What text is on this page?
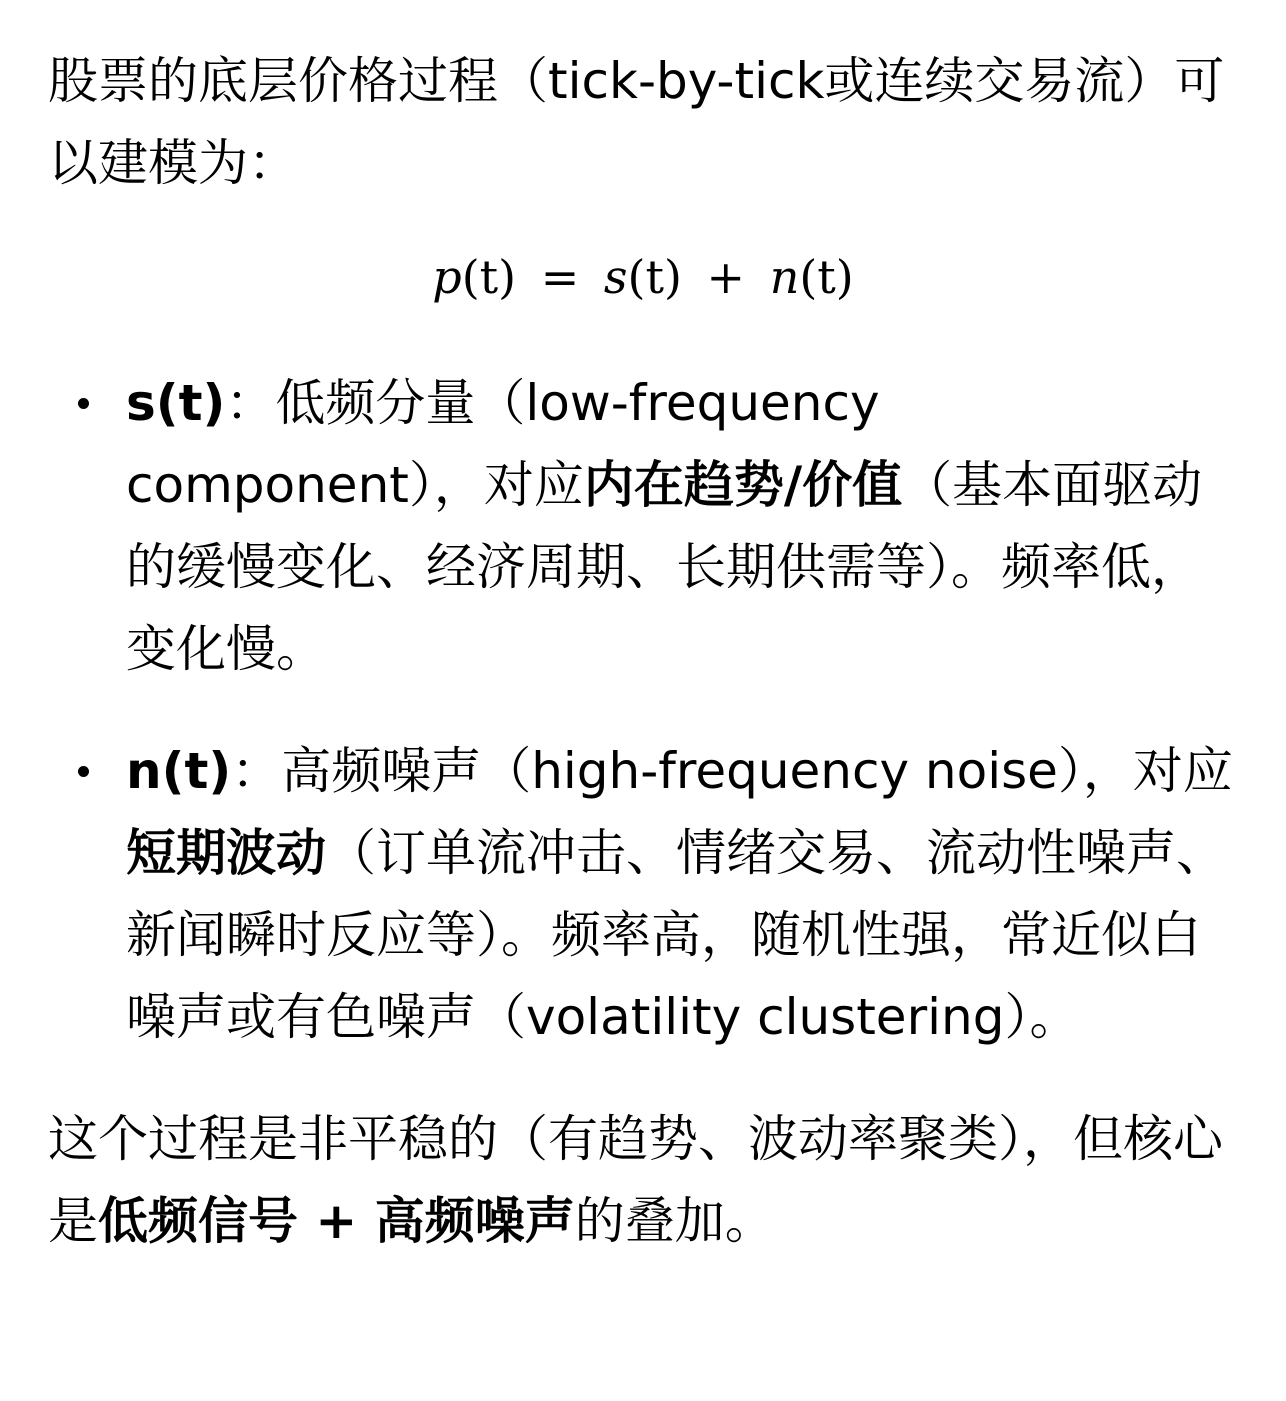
股票的底层价格过程（tick-by-tick或连续交易流）可以建模为：

p(t) = s(t) + n(t)
s(t)：低频分量（low-frequency component），对应内在趋势/价值（基本面驱动的缓慢变化、经济周期、长期供需等）。频率低，变化慢。
n(t)：高频噪声（high-frequency noise），对应短期波动（订单流冲击、情绪交易、流动性噪声、新闻瞬时反应等）。频率高，随机性强，常近似白噪声或有色噪声（volatility clustering）。

这个过程是非平稳的（有趋势、波动率聚类），但核心是低频信号 + 高频噪声的叠加。
